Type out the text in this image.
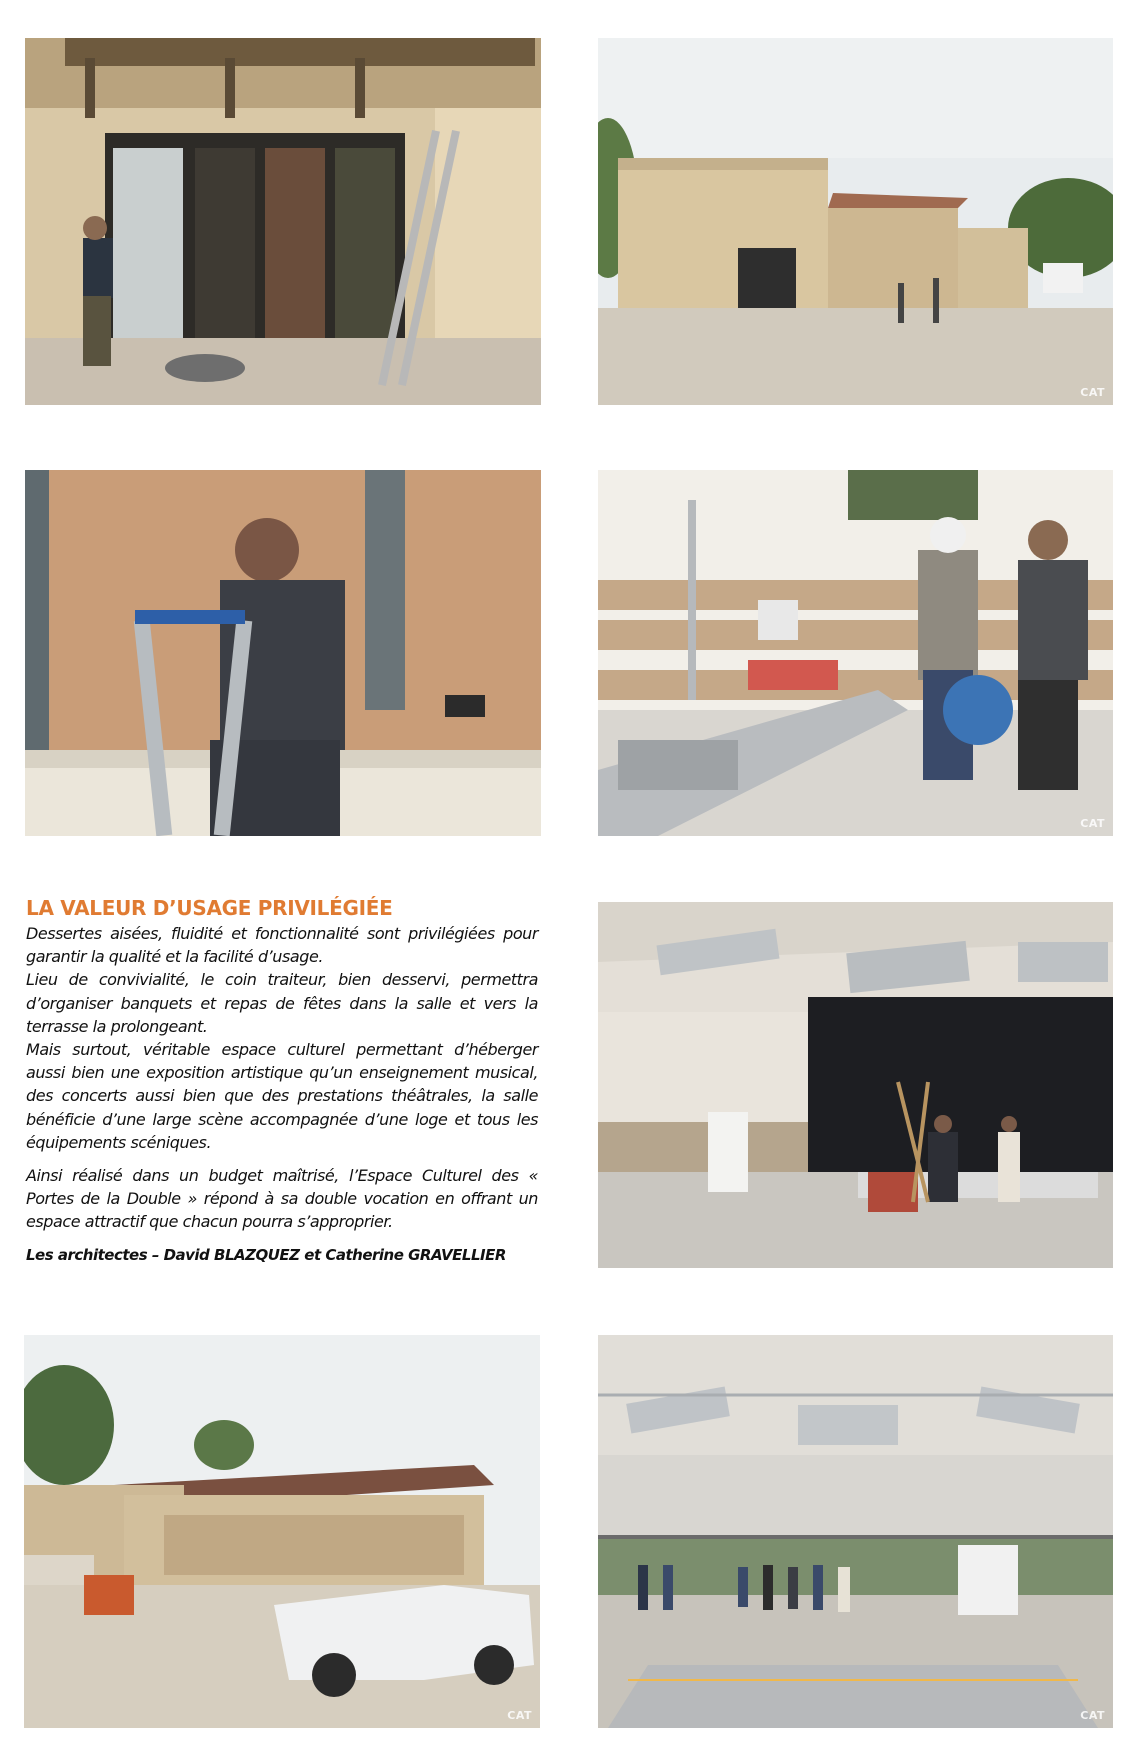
CAT
CAT
LA VALEUR D’USAGE PRIVILÉGIÉE

Dessertes aisées, fluidité et fonctionnalité sont privilégiées pour garantir la qualité et la facilité d’usage.

Lieu de convivialité, le coin traiteur, bien desservi, permettra d’organiser banquets et repas de fêtes dans la salle et vers la terrasse la prolongeant.

Mais surtout, véritable espace culturel permettant d’héberger aussi bien une exposition artistique qu’un enseignement musical, des concerts aussi bien que des prestations théâtrales, la salle bénéficie d’une large scène accompagnée d’une loge et tous les équipements scéniques.

Ainsi réalisé dans un budget maîtrisé, l’Espace Culturel des « Portes de la Double » répond à sa double vocation en offrant un espace attractif que chacun pourra s’approprier.

Les architectes – David BLAZQUEZ et Catherine GRAVELLIER

CAT	CAT
